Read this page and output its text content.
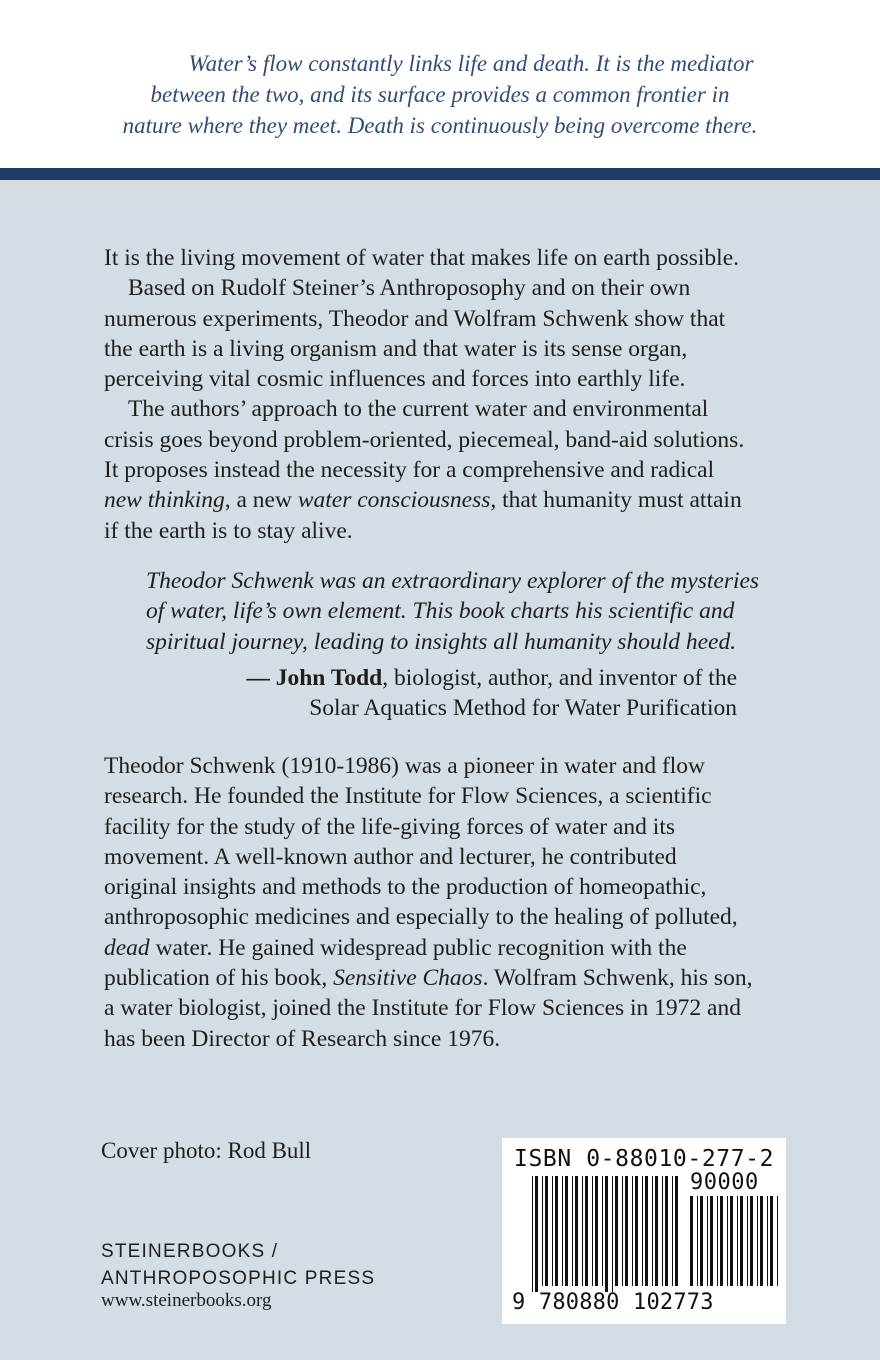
Water’s flow constantly links life and death. It is the mediator
between the two, and its surface provides a common frontier in
nature where they meet. Death is continuously being overcome there.
It is the living movement of water that makes life on earth possible.
Based on Rudolf Steiner’s Anthroposophy and on their own
numerous experiments, Theodor and Wolfram Schwenk show that
the earth is a living organism and that water is its sense organ,
perceiving vital cosmic influences and forces into earthly life.
The authors’ approach to the current water and environmental
crisis goes beyond problem-oriented, piecemeal, band-aid solutions.
It proposes instead the necessity for a comprehensive and radical
new thinking, a new water consciousness, that humanity must attain
if the earth is to stay alive.
Theodor Schwenk was an extraordinary explorer of the mysteries
of water, life’s own element. This book charts his scientific and
spiritual journey, leading to insights all humanity should heed.
— John Todd, biologist, author, and inventor of the
Solar Aquatics Method for Water Purification
Theodor Schwenk (1910-1986) was a pioneer in water and flow
research. He founded the Institute for Flow Sciences, a scientific
facility for the study of the life-giving forces of water and its
movement. A well-known author and lecturer, he contributed
original insights and methods to the production of homeopathic,
anthroposophic medicines and especially to the healing of polluted,
dead water. He gained widespread public recognition with the
publication of his book, Sensitive Chaos. Wolfram Schwenk, his son,
a water biologist, joined the Institute for Flow Sciences in 1972 and
has been Director of Research since 1976.
Cover photo: Rod Bull
STEINERBOOKS /
ANTHROPOSOPHIC PRESS
www.steinerbooks.org
ISBN 0-88010-277-2
90000
9 780880 102773
